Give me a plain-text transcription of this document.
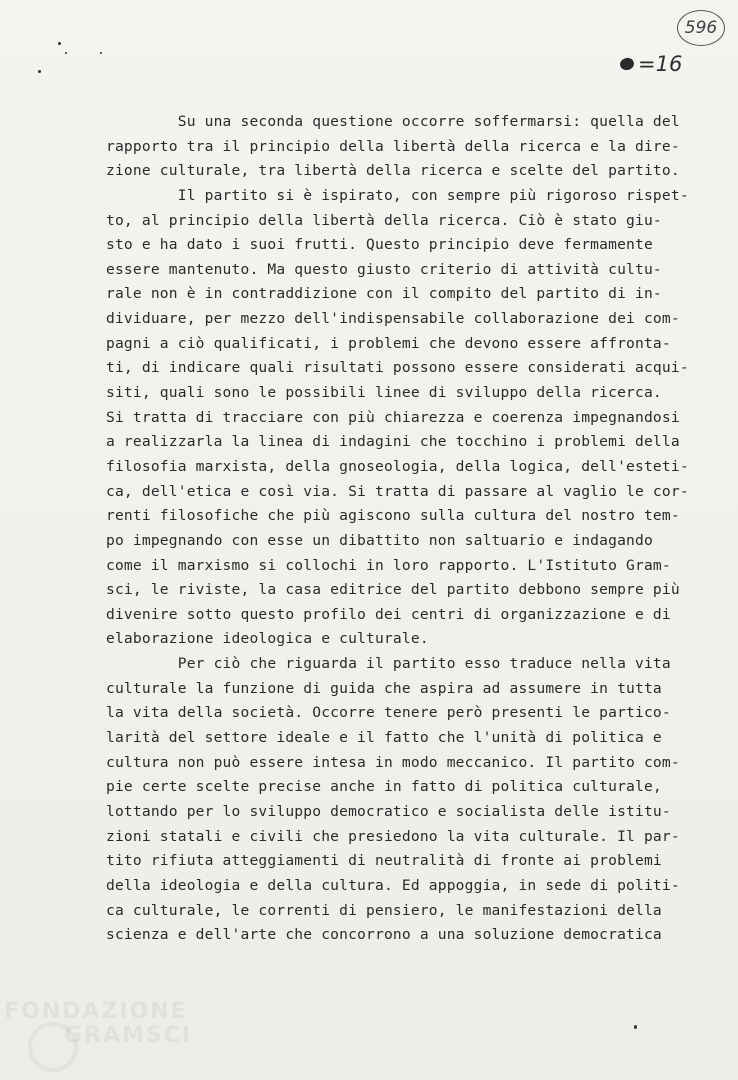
596
=16
Su una seconda questione occorre soffermarsi: quella del
rapporto tra il principio della libertà della ricerca e la dire-
zione culturale, tra libertà della ricerca e scelte del partito.
Il partito si è ispirato, con sempre più rigoroso rispet-
to, al principio della libertà della ricerca. Ciò è stato giu-
sto e ha dato i suoi frutti. Questo principio deve fermamente
essere mantenuto. Ma questo giusto criterio di attività cultu-
rale non è in contraddizione con il compito del partito di in-
dividuare, per mezzo dell'indispensabile collaborazione dei com-
pagni a ciò qualificati, i problemi che devono essere affronta-
ti, di indicare quali risultati possono essere considerati acqui-
siti, quali sono le possibili linee di sviluppo della ricerca.
Si tratta di tracciare con più chiarezza e coerenza impegnandosi
a realizzarla la linea di indagini che tocchino i problemi della
filosofia marxista, della gnoseologia, della logica, dell'esteti-
ca, dell'etica e così via. Si tratta di passare al vaglio le cor-
renti filosofiche che più agiscono sulla cultura del nostro tem-
po impegnando con esse un dibattito non saltuario e indagando
come il marxismo si collochi in loro rapporto. L'Istituto Gram-
sci, le riviste, la casa editrice del partito debbono sempre più
divenire sotto questo profilo dei centri di organizzazione e di
elaborazione ideologica e culturale.
Per ciò che riguarda il partito esso traduce nella vita
culturale la funzione di guida che aspira ad assumere in tutta
la vita della società. Occorre tenere però presenti le partico-
larità del settore ideale e il fatto che l'unità di politica e
cultura non può essere intesa in modo meccanico. Il partito com-
pie certe scelte precise anche in fatto di politica culturale,
lottando per lo sviluppo democratico e socialista delle istitu-
zioni statali e civili che presiedono la vita culturale. Il par-
tito rifiuta atteggiamenti di neutralità di fronte ai problemi
della ideologia e della cultura. Ed appoggia, in sede di politi-
ca culturale, le correnti di pensiero, le manifestazioni della
scienza e dell'arte che concorrono a una soluzione democratica
FONDAZIONE
GRAMSCI
